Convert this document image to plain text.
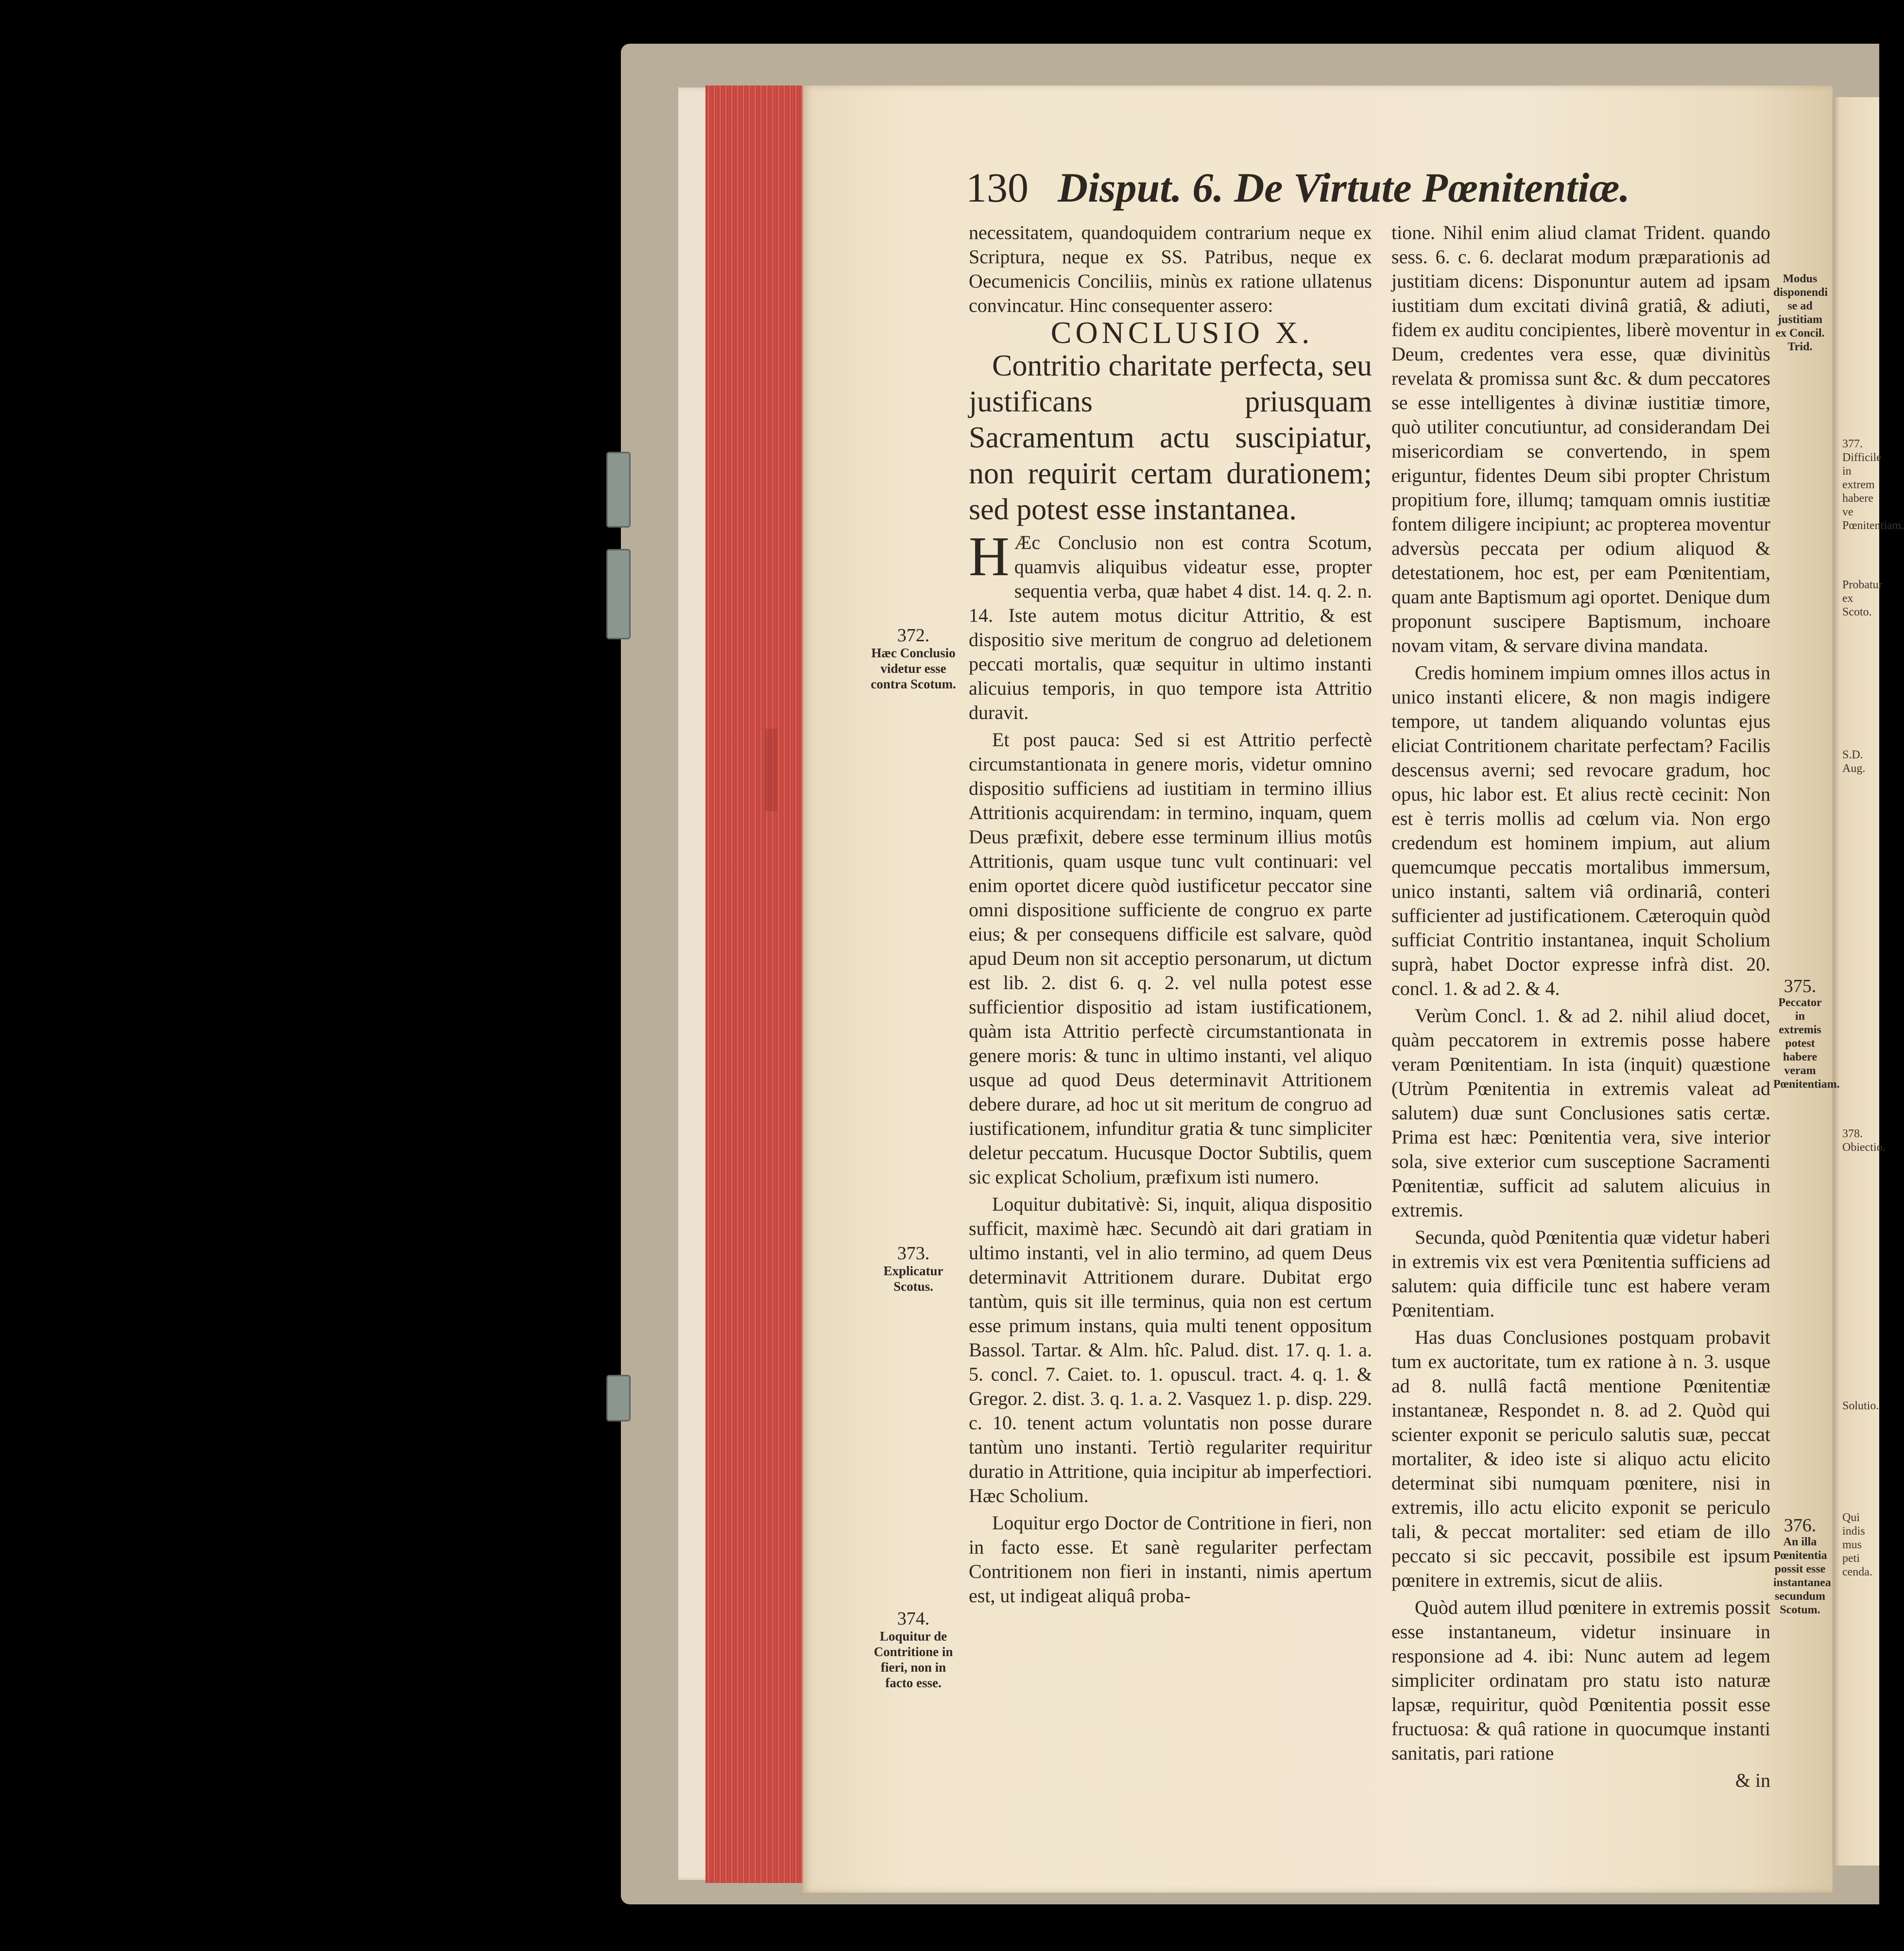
130 Disput. 6. De Virtute Pœnitentiæ.

necessitatem, quandoquidem contrarium neque ex Scriptura, neque ex SS. Patribus, neque ex Oecumenicis Conciliis, minùs ex ratione ullatenus convincatur. Hinc consequenter assero:

CONCLUSIO X.

Contritio charitate perfecta, seu justificans priusquam Sacramentum actu suscipiatur, non requirit certam durationem; sed potest esse instantanea.

H Æc Conclusio non est contra Scotum, quamvis aliquibus videatur esse, propter sequentia verba, quæ habet 4 dist. 14. q. 2. n. 14. Iste autem motus dicitur Attritio, & est dispositio sive meritum de congruo ad deletionem peccati mortalis, quæ sequitur in ultimo instanti alicuius temporis, in quo tempore ista Attritio duravit.

Et post pauca: Sed si est Attritio perfectè circumstantionata in genere moris, videtur omnino dispositio sufficiens ad iustitiam in termino illius Attritionis acquirendam: in termino, inquam, quem Deus præfixit, debere esse terminum illius motûs Attritionis, quam usque tunc vult continuari: vel enim oportet dicere quòd iustificetur peccator sine omni dispositione sufficiente de congruo ex parte eius; & per consequens difficile est salvare, quòd apud Deum non sit acceptio personarum, ut dictum est lib. 2. dist 6. q. 2. vel nulla potest esse sufficientior dispositio ad istam iustificationem, quàm ista Attritio perfectè circumstantionata in genere moris: & tunc in ultimo instanti, vel aliquo usque ad quod Deus determinavit Attritionem debere durare, ad hoc ut sit meritum de congruo ad iustificationem, infunditur gratia & tunc simpliciter deletur peccatum. Hucusque Doctor Subtilis, quem sic explicat Scholium, præfixum isti numero.

Loquitur dubitativè: Si, inquit, aliqua dispositio sufficit, maximè hæc. Secundò ait dari gratiam in ultimo instanti, vel in alio termino, ad quem Deus determinavit Attritionem durare. Dubitat ergo tantùm, quis sit ille terminus, quia non est certum esse primum instans, quia multi tenent oppositum Bassol. Tartar. & Alm. hîc. Palud. dist. 17. q. 1. a. 5. concl. 7. Caiet. to. 1. opuscul. tract. 4. q. 1. & Gregor. 2. dist. 3. q. 1. a. 2. Vasquez 1. p. disp. 229. c. 10. tenent actum voluntatis non posse durare tantùm uno instanti. Tertiò regulariter requiritur duratio in Attritione, quia incipitur ab imperfectiori. Hæc Scholium.

Loquitur ergo Doctor de Contritione in fieri, non in facto esse. Et sanè regulariter perfectam Contritionem non fieri in instanti, nimis apertum est, ut indigeat aliquâ proba-

tione. Nihil enim aliud clamat Trident. quando sess. 6. c. 6. declarat modum præparationis ad justitiam dicens: Disponuntur autem ad ipsam iustitiam dum excitati divinâ gratiâ, & adiuti, fidem ex auditu concipientes, liberè moventur in Deum, credentes vera esse, quæ divinitùs revelata & promissa sunt &c. & dum peccatores se esse intelligentes à divinæ iustitiæ timore, quò utiliter concutiuntur, ad considerandam Dei misericordiam se convertendo, in spem eriguntur, fidentes Deum sibi propter Christum propitium fore, illumq; tamquam omnis iustitiæ fontem diligere incipiunt; ac propterea moventur adversùs peccata per odium aliquod & detestationem, hoc est, per eam Pœnitentiam, quam ante Baptismum agi oportet. Denique dum proponunt suscipere Baptismum, inchoare novam vitam, & servare divina mandata.

Credis hominem impium omnes illos actus in unico instanti elicere, & non magis indigere tempore, ut tandem aliquando voluntas ejus eliciat Contritionem charitate perfectam? Facilis descensus averni; sed revocare gradum, hoc opus, hic labor est. Et alius rectè cecinit: Non est è terris mollis ad cœlum via. Non ergo credendum est hominem impium, aut alium quemcumque peccatis mortalibus immersum, unico instanti, saltem viâ ordinariâ, conteri sufficienter ad justificationem. Cæteroquin quòd sufficiat Contritio instantanea, inquit Scholium suprà, habet Doctor expresse infrà dist. 20. concl. 1. & ad 2. & 4.

Verùm Concl. 1. & ad 2. nihil aliud docet, quàm peccatorem in extremis posse habere veram Pœnitentiam. In ista (inquit) quæstione (Utrùm Pœnitentia in extremis valeat ad salutem) duæ sunt Conclusiones satis certæ. Prima est hæc: Pœnitentia vera, sive interior sola, sive exterior cum susceptione Sacramenti Pœnitentiæ, sufficit ad salutem alicuius in extremis.

Secunda, quòd Pœnitentia quæ videtur haberi in extremis vix est vera Pœnitentia sufficiens ad salutem: quia difficile tunc est habere veram Pœnitentiam.

Has duas Conclusiones postquam probavit tum ex auctoritate, tum ex ratione à n. 3. usque ad 8. nullâ factâ mentione Pœnitentiæ instantaneæ, Respondet n. 8. ad 2. Quòd qui scienter exponit se periculo salutis suæ, peccat mortaliter, & ideo iste si aliquo actu elicito determinat sibi numquam pœnitere, nisi in extremis, illo actu elicito exponit se periculo tali, & peccat mortaliter: sed etiam de illo peccato si sic peccavit, possibile est ipsum pœnitere in extremis, sicut de aliis.

Quòd autem illud pœnitere in extremis possit esse instantaneum, videtur insinuare in responsione ad 4. ibi: Nunc autem ad legem simpliciter ordinatam pro statu isto naturæ lapsæ, requiritur, quòd Pœnitentia possit esse fructuosa: & quâ ratione in quocumque instanti sanitatis, pari ratione

& in

372.
Hæc Conclusio videtur esse contra Scotum.
373.
Explicatur Scotus.
374.
Loquitur de Contritione in fieri, non in facto esse.
Modus disponendi se ad justitiam ex Concil. Trid.
375.
Peccator in extremis potest habere veram Pœnitentiam.
376.
An illa Pœnitentia possit esse instantanea secundum Scotum.
377.
Difficile in extrem habere ve Pœnitentiam.
Probatur ex Scoto.
S.D. Aug.
378.
Obiectio.
Solutio.
Qui indis mus peti cenda.
